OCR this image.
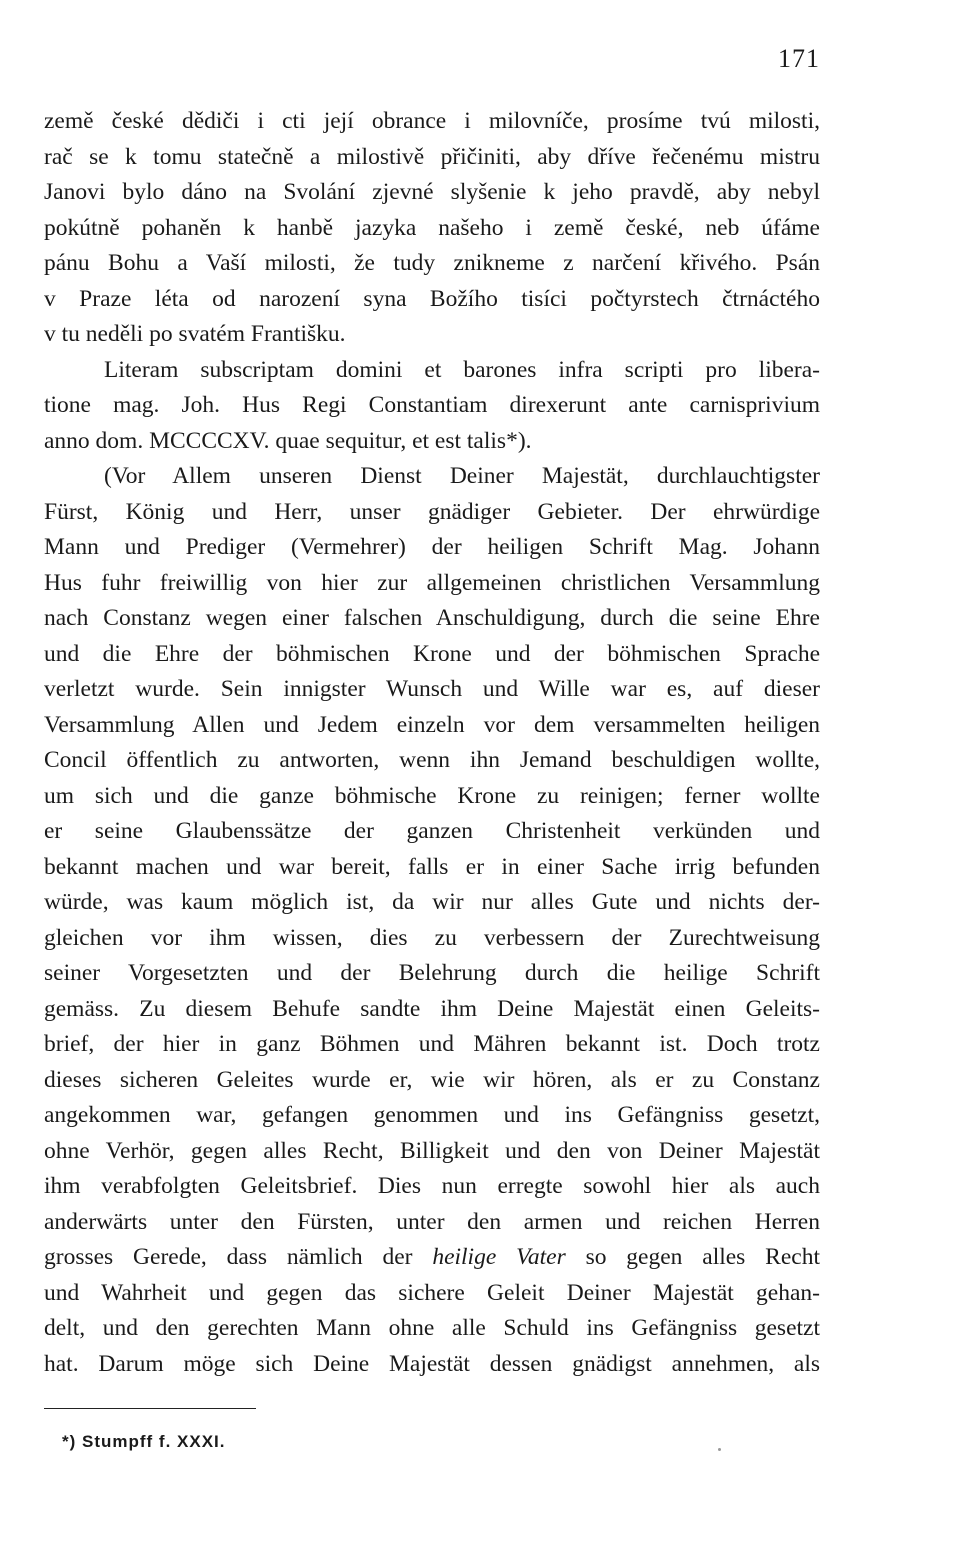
171
země české dědiči i cti její obrance i milovníče, prosíme tvú milosti,
rač se k tomu statečně a milostivě přičiniti, aby dříve řečenému mistru
Janovi bylo dáno na Svolání zjevné slyšenie k jeho pravdě, aby nebyl
pokútně pohaněn k hanbě jazyka našeho i země české, neb úfáme
pánu Bohu a Vaší milosti, že tudy znikneme z narčení křivého. Psán
v Praze léta od narození syna Božího tisíci počtyrstech čtrnáctého
v tu neděli po svatém Františku.
Literam subscriptam domini et barones infra scripti pro libera-
tione mag. Joh. Hus Regi Constantiam direxerunt ante carnisprivium
anno dom. MCCCCXV. quae sequitur, et est talis*).
(Vor Allem unseren Dienst Deiner Majestät, durchlauchtigster
Fürst, König und Herr, unser gnädiger Gebieter. Der ehrwürdige
Mann und Prediger (Vermehrer) der heiligen Schrift Mag. Johann
Hus fuhr freiwillig von hier zur allgemeinen christlichen Versammlung
nach Constanz wegen einer falschen Anschuldigung, durch die seine Ehre
und die Ehre der böhmischen Krone und der böhmischen Sprache
verletzt wurde. Sein innigster Wunsch und Wille war es, auf dieser
Versammlung Allen und Jedem einzeln vor dem versammelten heiligen
Concil öffentlich zu antworten, wenn ihn Jemand beschuldigen wollte,
um sich und die ganze böhmische Krone zu reinigen; ferner wollte
er seine Glaubenssätze der ganzen Christenheit verkünden und
bekannt machen und war bereit, falls er in einer Sache irrig befunden
würde, was kaum möglich ist, da wir nur alles Gute und nichts der-
gleichen vor ihm wissen, dies zu verbessern der Zurechtweisung
seiner Vorgesetzten und der Belehrung durch die heilige Schrift
gemäss. Zu diesem Behufe sandte ihm Deine Majestät einen Geleits-
brief, der hier in ganz Böhmen und Mähren bekannt ist. Doch trotz
dieses sicheren Geleites wurde er, wie wir hören, als er zu Constanz
angekommen war, gefangen genommen und ins Gefängniss gesetzt,
ohne Verhör, gegen alles Recht, Billigkeit und den von Deiner Majestät
ihm verabfolgten Geleitsbrief. Dies nun erregte sowohl hier als auch
anderwärts unter den Fürsten, unter den armen und reichen Herren
grosses Gerede, dass nämlich der heilige Vater so gegen alles Recht
und Wahrheit und gegen das sichere Geleit Deiner Majestät gehan-
delt, und den gerechten Mann ohne alle Schuld ins Gefängniss gesetzt
hat. Darum möge sich Deine Majestät dessen gnädigst annehmen, als
*) Stumpff f. XXXI.
